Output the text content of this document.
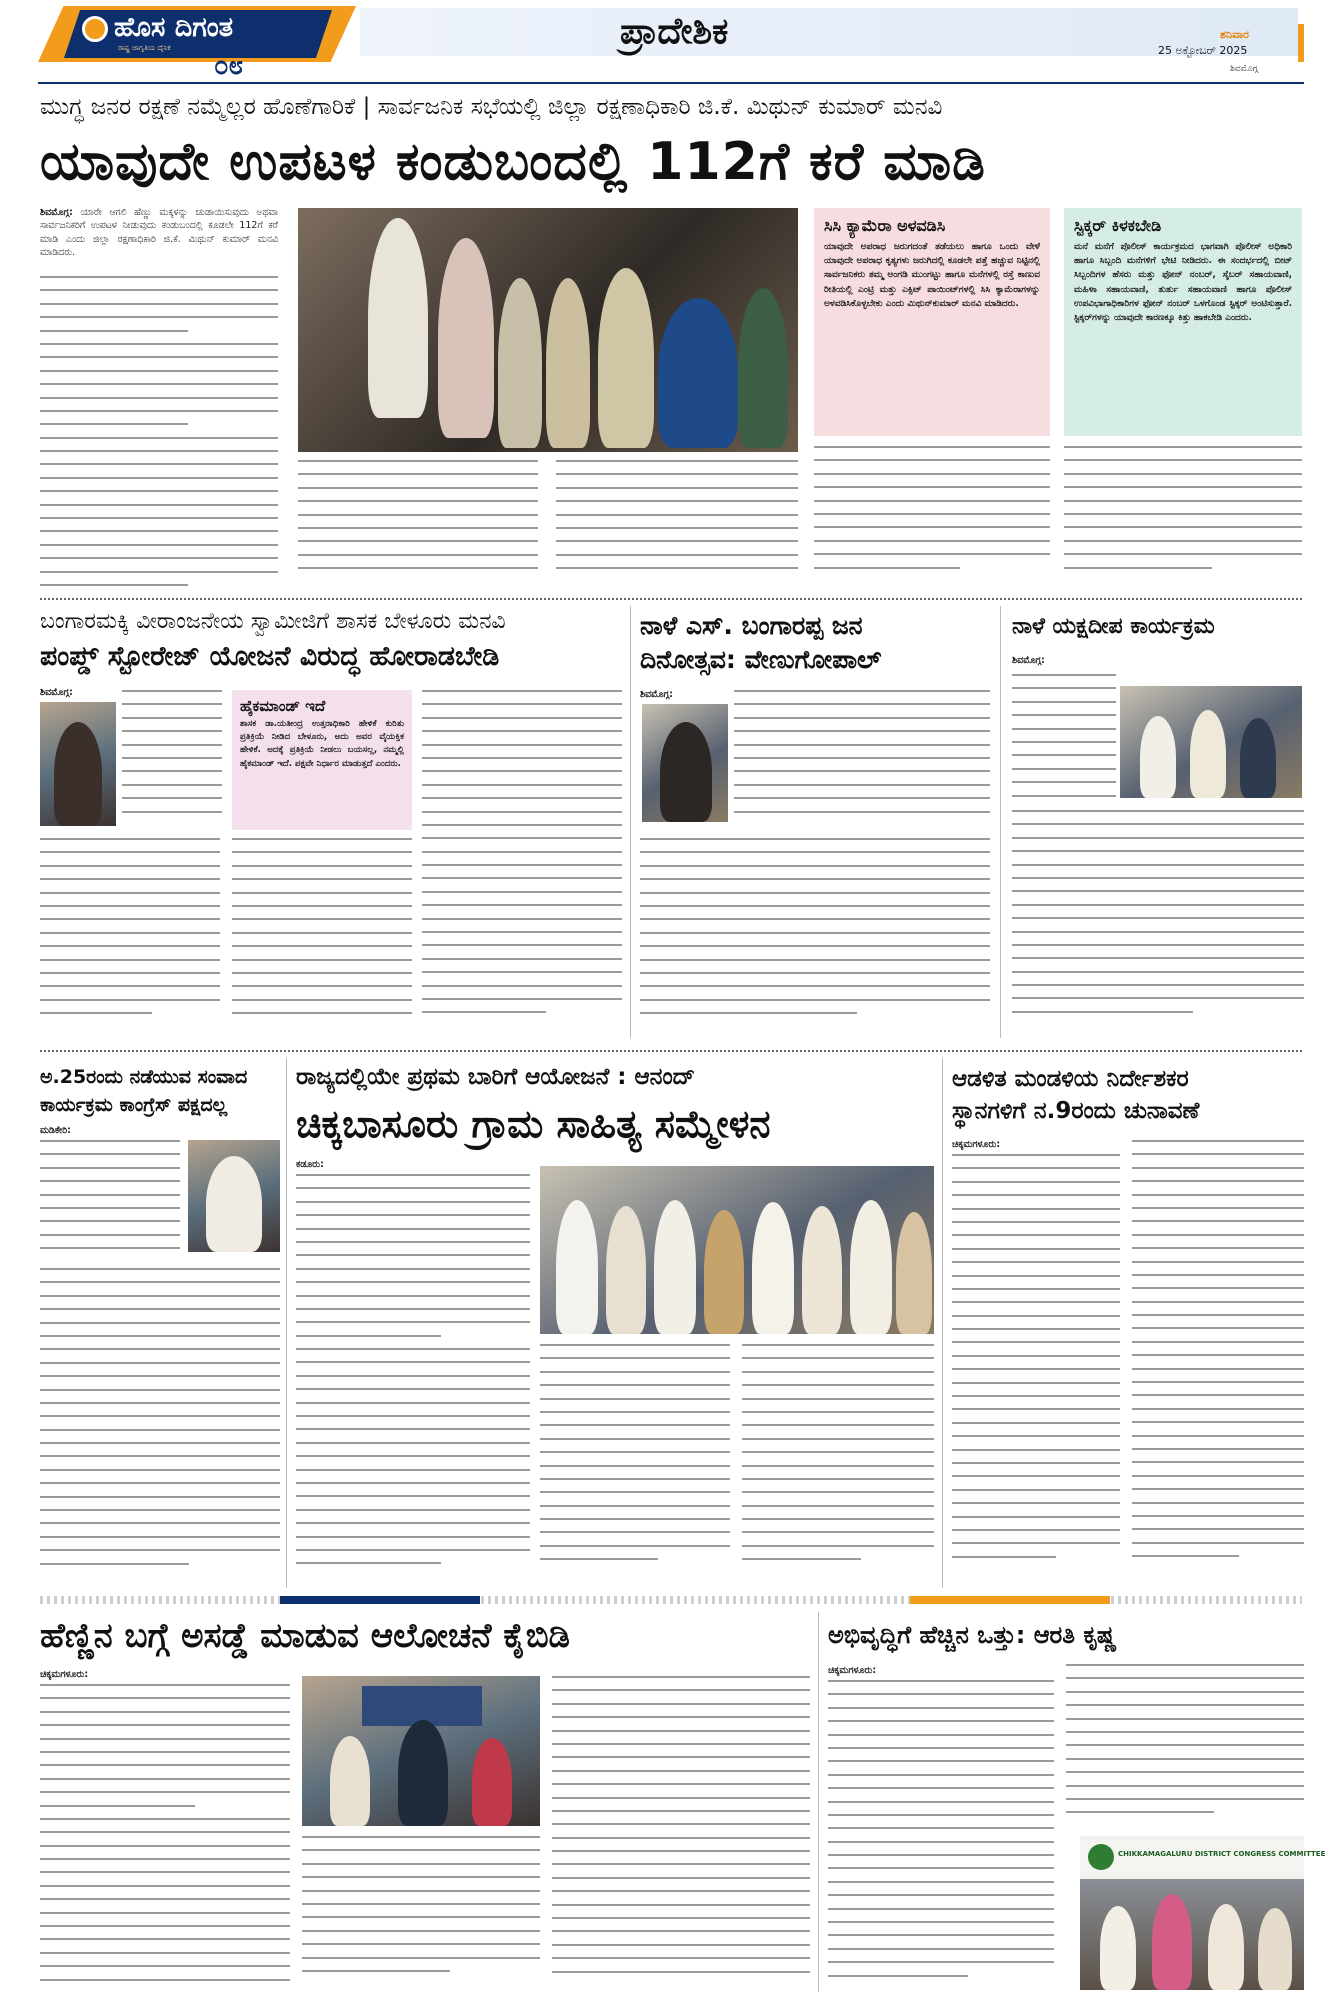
ಹೊಸ ದಿಗಂತ
ರಾಷ್ಟ್ರ ಜಾಗೃತಿಯ ದೈನಿಕ
೦೮
ಪ್ರಾದೇಶಿಕ	ಶನಿವಾರ
25 ಅಕ್ಟೋಬರ್ 2025
ಶಿವಮೊಗ್ಗ
ಮುಗ್ಧ ಜನರ ರಕ್ಷಣೆ ನಮ್ಮೆಲ್ಲರ ಹೊಣೆಗಾರಿಕೆ | ಸಾರ್ವಜನಿಕ ಸಭೆಯಲ್ಲಿ ಜಿಲ್ಲಾ ರಕ್ಷಣಾಧಿಕಾರಿ ಜಿ.ಕೆ. ಮಿಥುನ್ ಕುಮಾರ್ ಮನವಿ
ಯಾವುದೇ ಉಪಟಳ ಕಂಡುಬಂದಲ್ಲಿ 112ಗೆ ಕರೆ ಮಾಡಿ
ಶಿವಮೊಗ್ಗ: ಯಾರೇ ಆಗಲಿ ಹೆಣ್ಣು ಮಕ್ಕಳನ್ನು ಚುಡಾಯಿಸುವುದು ಅಥವಾ ಸಾರ್ವಜನಿಕರಿಗೆ ಉಪಟಳ ನೀಡುವುದು ಕಂಡುಬಂದಲ್ಲಿ ಕೂಡಲೇ 112ಗೆ ಕರೆ ಮಾಡಿ ಎಂದು ಜಿಲ್ಲಾ ರಕ್ಷಣಾಧಿಕಾರಿ ಜಿ.ಕೆ. ಮಿಥುನ್ ಕುಮಾರ್ ಮನವಿ ಮಾಡಿದರು.
ಸಿಸಿ ಕ್ಯಾಮೆರಾ ಅಳವಡಿಸಿ
ಯಾವುದೇ ಅಪರಾಧ ಜರುಗದಂತೆ ತಡೆಯಲು ಹಾಗೂ ಒಂದು ವೇಳೆ ಯಾವುದೇ ಅಪರಾಧ ಕೃತ್ಯಗಳು ಜರುಗಿದಲ್ಲಿ ಕೂಡಲೇ ಪತ್ತೆ ಹಚ್ಚುವ ನಿಟ್ಟಿನಲ್ಲಿ ಸಾರ್ವಜನಿಕರು ತಮ್ಮ ಅಂಗಡಿ ಮುಂಗಟ್ಟು ಹಾಗೂ ಮನೆಗಳಲ್ಲಿ ರಸ್ತೆ ಕಾಣುವ ರೀತಿಯಲ್ಲಿ ಎಂಟ್ರಿ ಮತ್ತು ಎಕ್ಸಿಟ್ ಪಾಯಿಂಟ್‌ಗಳಲ್ಲಿ ಸಿಸಿ ಕ್ಯಾಮೆರಾಗಳನ್ನು ಅಳವಡಿಸಿಕೊಳ್ಳಬೇಕು ಎಂದು ಮಿಥುನ್‌ಕುಮಾರ್ ಮನವಿ ಮಾಡಿದರು.
ಸ್ಟಿಕ್ಕರ್ ಕಿಳಕಬೇಡಿ
ಮನೆ ಮನೆಗೆ ಪೊಲೀಸ್ ಕಾರ್ಯಕ್ರಮದ ಭಾಗವಾಗಿ ಪೊಲೀಸ್ ಅಧಿಕಾರಿ ಹಾಗೂ ಸಿಬ್ಬಂದಿ ಮನೆಗಳಿಗೆ ಭೇಟಿ ನೀಡಿದರು. ಈ ಸಂದರ್ಭದಲ್ಲಿ ಬೀಟ್ ಸಿಬ್ಬಂದಿಗಳ ಹೆಸರು ಮತ್ತು ಫೋನ್ ನಂಬರ್, ಸೈಬರ್ ಸಹಾಯವಾಣಿ, ಮಹಿಳಾ ಸಹಾಯವಾಣಿ, ತುರ್ತು ಸಹಾಯವಾಣಿ ಹಾಗೂ ಪೊಲೀಸ್ ಉಪವಿಭಾಗಾಧಿಕಾರಿಗಳ ಫೋನ್ ನಂಬರ್ ಒಳಗೊಂಡ ಸ್ಟಿಕ್ಕರ್ ಅಂಟಿಸುತ್ತಾರೆ. ಸ್ಟಿಕ್ಕರ್‌ಗಳನ್ನು ಯಾವುದೇ ಕಾರಣಕ್ಕೂ ಕಿತ್ತು ಹಾಕಬೇಡಿ ಎಂದರು.
ಬಂಗಾರಮಕ್ಕಿ ವೀರಾಂಜನೇಯ ಸ್ವಾಮೀಜಿಗೆ ಶಾಸಕ ಬೇಳೂರು ಮನವಿ
ಪಂಪ್ಡ್ ಸ್ಟೋರೇಜ್ ಯೋಜನೆ ವಿರುದ್ಧ ಹೋರಾಡಬೇಡಿ
ಶಿವಮೊಗ್ಗ:
ಹೈಕಮಾಂಡ್ ಇದೆ
ಶಾಸಕ ಡಾ.ಯತೀಂದ್ರ ಉತ್ತರಾಧಿಕಾರಿ ಹೇಳಿಕೆ ಕುರಿತು ಪ್ರತಿಕ್ರಿಯೆ ನೀಡಿದ ಬೇಳೂರು, ಅದು ಅವರ ವೈಯಕ್ತಿಕ ಹೇಳಿಕೆ. ಅದಕ್ಕೆ ಪ್ರತಿಕ್ರಿಯೆ ನೀಡಲು ಬಯಸಲ್ಲ, ನಮ್ಮಲ್ಲಿ ಹೈಕಮಾಂಡ್ ಇದೆ. ಪಕ್ಷವೇ ನಿರ್ಧಾರ ಮಾಡುತ್ತದೆ ಎಂದರು.
ನಾಳೆ ಎಸ್. ಬಂಗಾರಪ್ಪ ಜನ
ದಿನೋತ್ಸವ: ವೇಣುಗೋಪಾಲ್
ಶಿವಮೊಗ್ಗ:
ನಾಳೆ ಯಕ್ಷದೀಪ ಕಾರ್ಯಕ್ರಮ
ಶಿವಮೊಗ್ಗ:
ಅ.25ರಂದು ನಡೆಯುವ ಸಂವಾದ
ಕಾರ್ಯಕ್ರಮ ಕಾಂಗ್ರೆಸ್ ಪಕ್ಷದಲ್ಲ
ಮಡಿಕೇರಿ:
ರಾಜ್ಯದಲ್ಲಿಯೇ ಪ್ರಥಮ ಬಾರಿಗೆ ಆಯೋಜನೆ : ಆನಂದ್
ಚಿಕ್ಕಬಾಸೂರು ಗ್ರಾಮ ಸಾಹಿತ್ಯ ಸಮ್ಮೇಳನ
ಕಡೂರು:
ಆಡಳಿತ ಮಂಡಳಿಯ ನಿರ್ದೇಶಕರ
ಸ್ಥಾನಗಳಿಗೆ ನ.9ರಂದು ಚುನಾವಣೆ
ಚಿಕ್ಕಮಗಳೂರು:
ಹೆಣ್ಣಿನ ಬಗ್ಗೆ ಅಸಡ್ಡೆ ಮಾಡುವ ಆಲೋಚನೆ ಕೈಬಿಡಿ
ಚಿಕ್ಕಮಗಳೂರು:
ಅಭಿವೃದ್ಧಿಗೆ ಹೆಚ್ಚಿನ ಒತ್ತು: ಆರತಿ ಕೃಷ್ಣ
ಚಿಕ್ಕಮಗಳೂರು:
CHIKKAMAGALURU DISTRICT CONGRESS COMMITTEE
